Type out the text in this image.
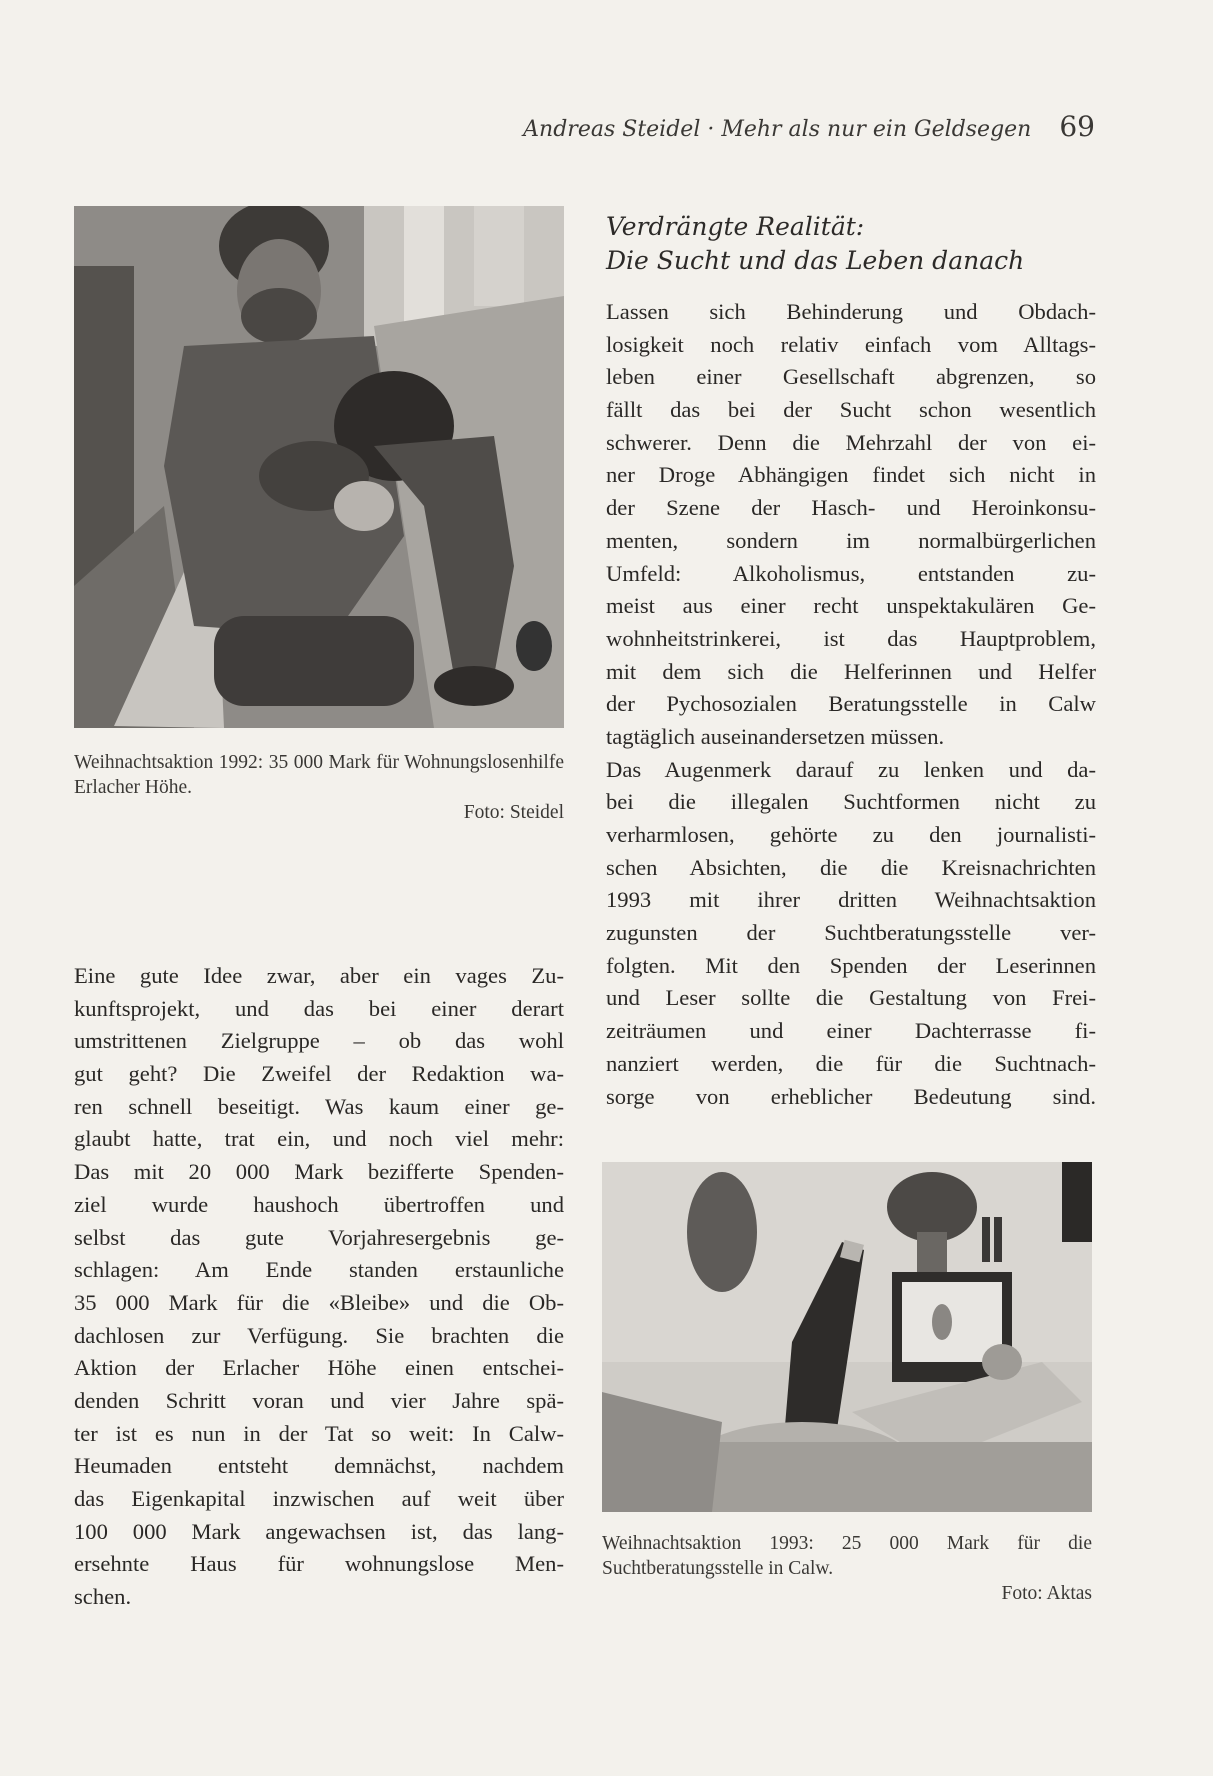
Andreas Steidel · Mehr als nur ein Geldsegen 69
Weihnachtsaktion 1992: 35 000 Mark für Wohnungslosenhilfe Erlacher Höhe.
Foto: Steidel
Eine gute Idee zwar, aber ein vages Zu-
kunftsprojekt, und das bei einer derart
umstrittenen Zielgruppe – ob das wohl
gut geht? Die Zweifel der Redaktion wa-
ren schnell beseitigt. Was kaum einer ge-
glaubt hatte, trat ein, und noch viel mehr:
Das mit 20 000 Mark bezifferte Spenden-
ziel wurde haushoch übertroffen und
selbst das gute Vorjahresergebnis ge-
schlagen: Am Ende standen erstaunliche
35 000 Mark für die «Bleibe» und die Ob-
dachlosen zur Verfügung. Sie brachten die
Aktion der Erlacher Höhe einen entschei-
denden Schritt voran und vier Jahre spä-
ter ist es nun in der Tat so weit: In Calw-
Heumaden entsteht demnächst, nachdem
das Eigenkapital inzwischen auf weit über
100 000 Mark angewachsen ist, das lang-
ersehnte Haus für wohnungslose Men-
schen.
Verdrängte Realität:
Die Sucht und das Leben danach
Lassen sich Behinderung und Obdach-
losigkeit noch relativ einfach vom Alltags-
leben einer Gesellschaft abgrenzen, so
fällt das bei der Sucht schon wesentlich
schwerer. Denn die Mehrzahl der von ei-
ner Droge Abhängigen findet sich nicht in
der Szene der Hasch- und Heroinkonsu-
menten, sondern im normalbürgerlichen
Umfeld: Alkoholismus, entstanden zu-
meist aus einer recht unspektakulären Ge-
wohnheitstrinkerei, ist das Hauptproblem,
mit dem sich die Helferinnen und Helfer
der Pychosozialen Beratungsstelle in Calw
tagtäglich auseinandersetzen müssen.
Das Augenmerk darauf zu lenken und da-
bei die illegalen Suchtformen nicht zu
verharmlosen, gehörte zu den journalisti-
schen Absichten, die die Kreisnachrichten
1993 mit ihrer dritten Weihnachtsaktion
zugunsten der Suchtberatungsstelle ver-
folgten. Mit den Spenden der Leserinnen
und Leser sollte die Gestaltung von Frei-
zeiträumen und einer Dachterrasse fi-
nanziert werden, die für die Suchtnach-
sorge von erheblicher Bedeutung sind.
Weihnachtsaktion 1993: 25 000 Mark für die Suchtberatungsstelle in Calw.
Foto: Aktas
